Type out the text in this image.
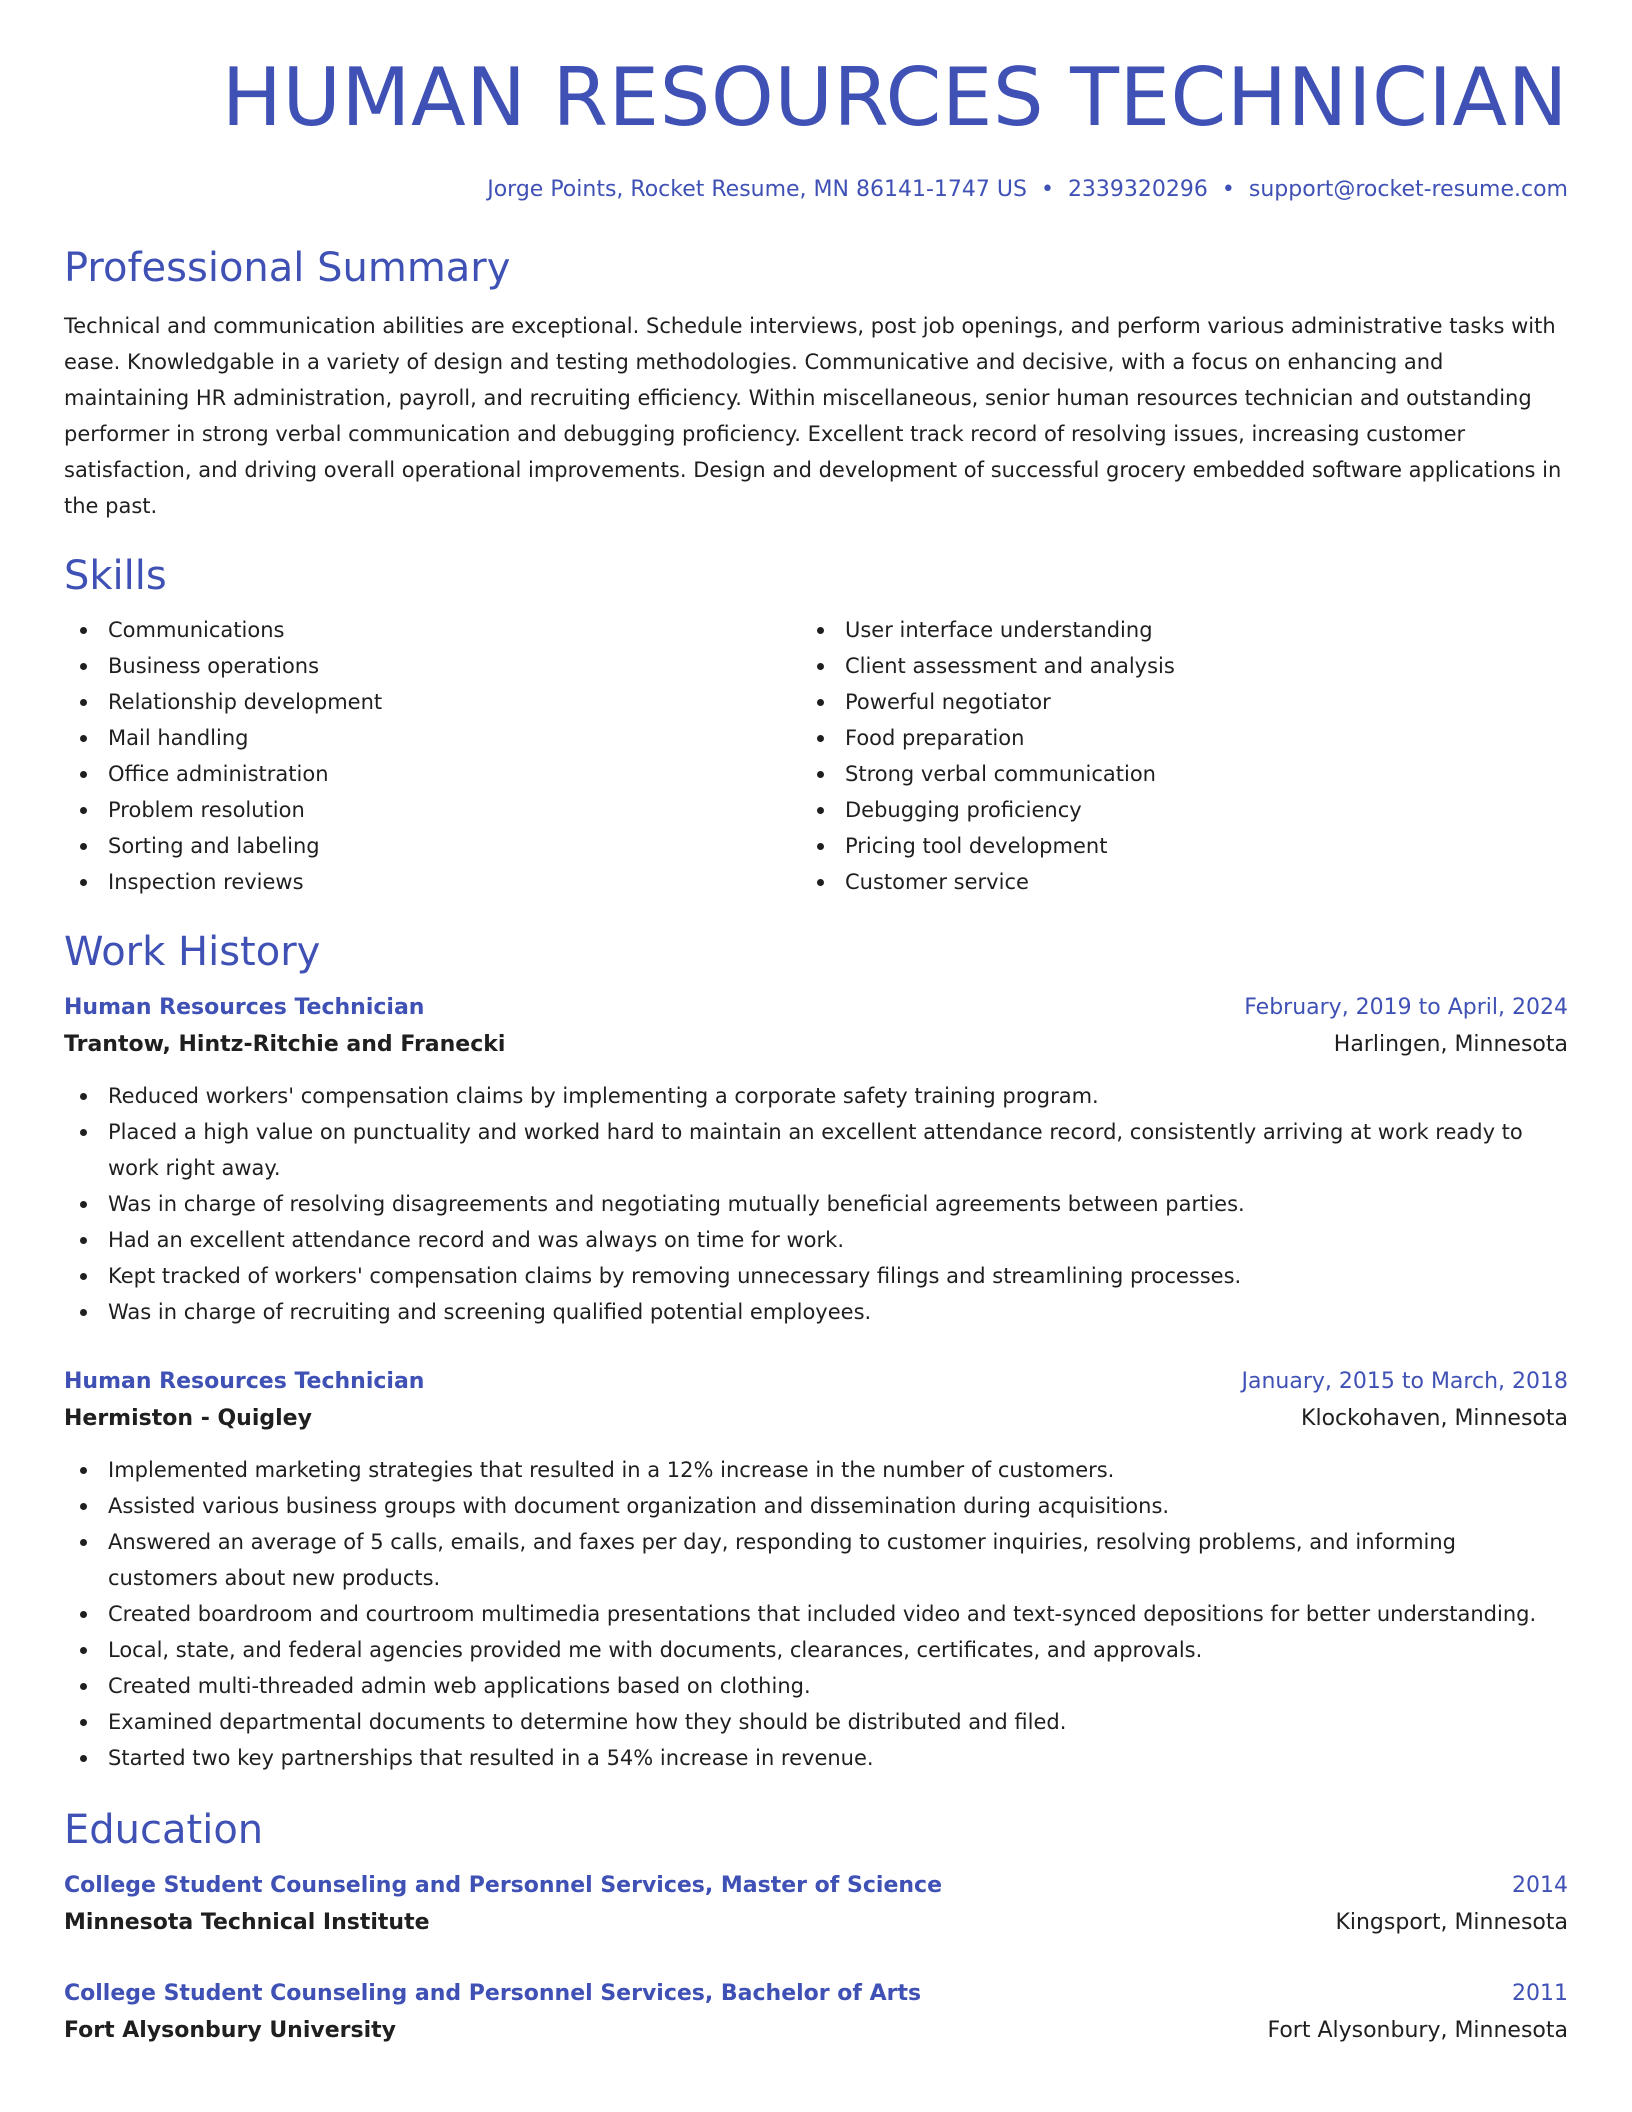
HUMAN RESOURCES TECHNICIAN
Jorge Points, Rocket Resume, MN 86141-1747 US • 2339320296 • support@rocket-resume.com
Professional Summary

Technical and communication abilities are exceptional. Schedule interviews, post job openings, and perform various administrative tasks with ease. Knowledgable in a variety of design and testing methodologies. Communicative and decisive, with a focus on enhancing and maintaining HR administration, payroll, and recruiting efficiency. Within miscellaneous, senior human resources technician and outstanding performer in strong verbal communication and debugging proficiency. Excellent track record of resolving issues, increasing customer satisfaction, and driving overall operational improvements. Design and development of successful grocery embedded software applications in the past.

Skills
Communications
Business operations
Relationship development
Mail handling
Office administration
Problem resolution
Sorting and labeling
Inspection reviews
User interface understanding
Client assessment and analysis
Powerful negotiator
Food preparation
Strong verbal communication
Debugging proficiency
Pricing tool development
Customer service
Work History
Human Resources Technician	February, 2019 to April, 2024
Trantow, Hintz-Ritchie and Franecki	Harlingen, Minnesota
Reduced workers' compensation claims by implementing a corporate safety training program.
Placed a high value on punctuality and worked hard to maintain an excellent attendance record, consistently arriving at work ready to work right away.
Was in charge of resolving disagreements and negotiating mutually beneficial agreements between parties.
Had an excellent attendance record and was always on time for work.
Kept tracked of workers' compensation claims by removing unnecessary filings and streamlining processes.
Was in charge of recruiting and screening qualified potential employees.
Human Resources Technician	January, 2015 to March, 2018
Hermiston - Quigley	Klockohaven, Minnesota
Implemented marketing strategies that resulted in a 12% increase in the number of customers.
Assisted various business groups with document organization and dissemination during acquisitions.
Answered an average of 5 calls, emails, and faxes per day, responding to customer inquiries, resolving problems, and informing customers about new products.
Created boardroom and courtroom multimedia presentations that included video and text-synced depositions for better understanding.
Local, state, and federal agencies provided me with documents, clearances, certificates, and approvals.
Created multi-threaded admin web applications based on clothing.
Examined departmental documents to determine how they should be distributed and filed.
Started two key partnerships that resulted in a 54% increase in revenue.
Education
College Student Counseling and Personnel Services, Master of Science	2014
Minnesota Technical Institute	Kingsport, Minnesota
College Student Counseling and Personnel Services, Bachelor of Arts	2011
Fort Alysonbury University	Fort Alysonbury, Minnesota
